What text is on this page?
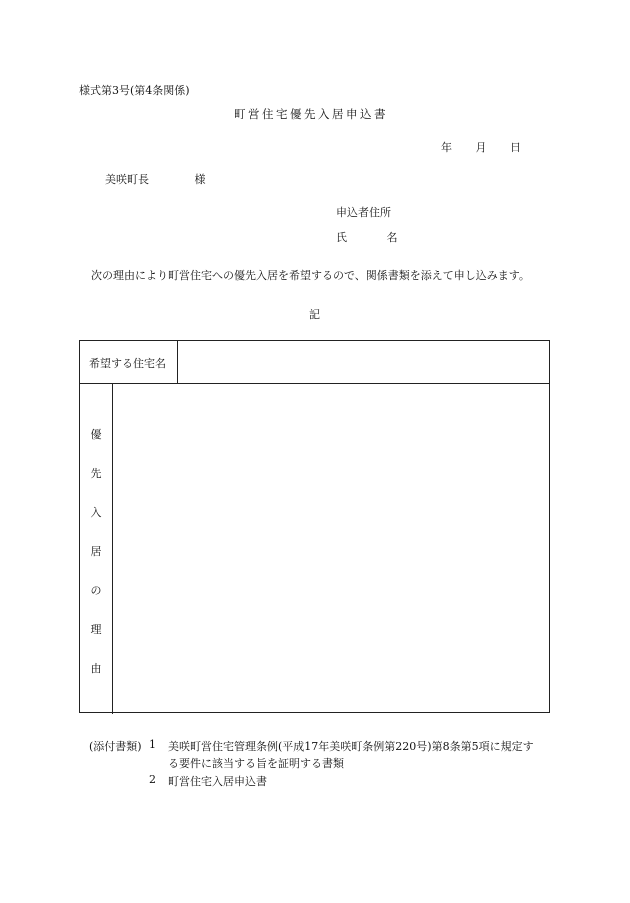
様式第3号(第4条関係)
町営住宅優先入居申込書
年 月 日
美咲町長	様
申込者住所
氏	名
次の理由により町営住宅への優先入居を希望するので、関係書類を添えて申し込みます。
記
希望する住宅名
優
先
入
居
の
理
由
(添付書類) 1 美咲町営住宅管理条例(平成17年美咲町条例第220号)第8条第5項に規定す
る要件に該当する旨を証明する書類
2 町営住宅入居申込書
